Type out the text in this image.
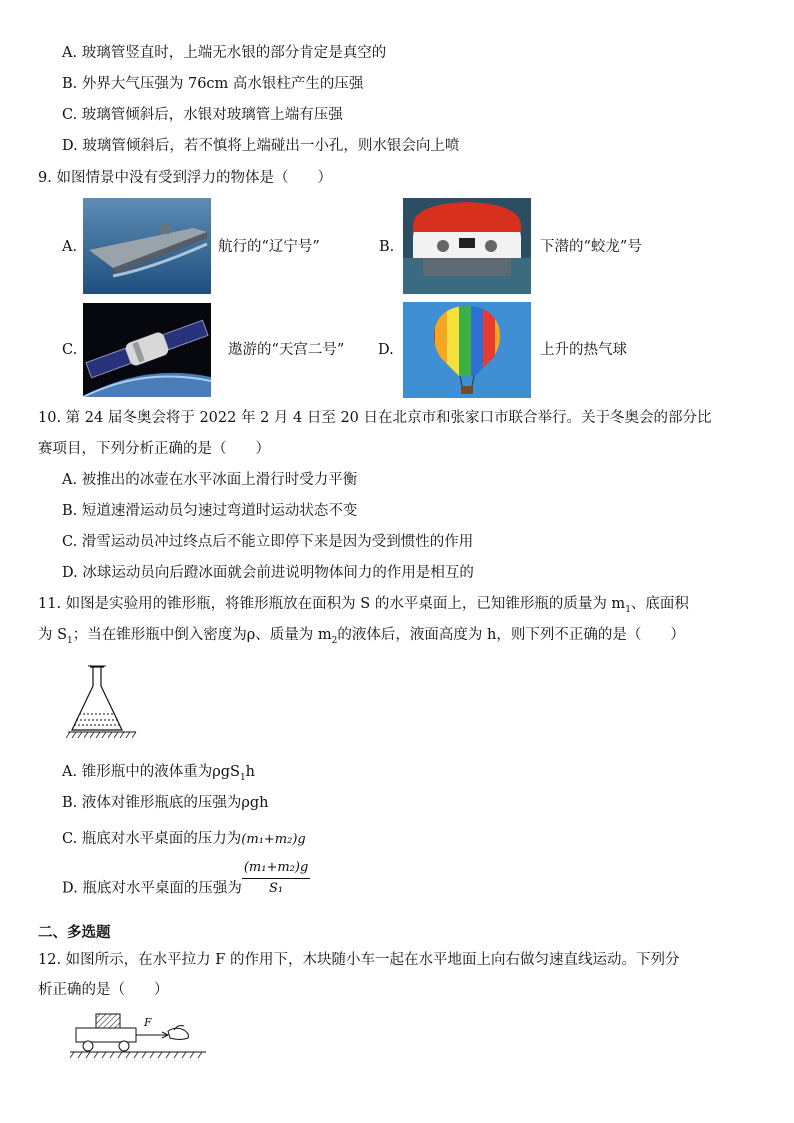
A. 玻璃管竖直时，上端无水银的部分肯定是真空的
B. 外界大气压强为 76cm 高水银柱产生的压强
C. 玻璃管倾斜后，水银对玻璃管上端有压强
D. 玻璃管倾斜后，若不慎将上端碰出一小孔，则水银会向上喷
9. 如图情景中没有受到浮力的物体是（　　）
A.	航行的“辽宁号”	B.	下潜的“蛟龙”号
C.	遨游的“天宫二号” D.	上升的热气球
10. 第 24 届冬奥会将于 2022 年 2 月 4 日至 20 日在北京市和张家口市联合举行。关于冬奥会的部分比
赛项目，下列分析正确的是（　　）
A. 被推出的冰壶在水平冰面上滑行时受力平衡
B. 短道速滑运动员匀速过弯道时运动状态不变
C. 滑雪运动员冲过终点后不能立即停下来是因为受到惯性的作用
D. 冰球运动员向后蹬冰面就会前进说明物体间力的作用是相互的
11. 如图是实验用的锥形瓶，将锥形瓶放在面积为 S 的水平桌面上，已知锥形瓶的质量为 $m_1$、底面积
为 $S_1$；当在锥形瓶中倒入密度为ρ、质量为 $m_2$的液体后，液面高度为 h，则下列不正确的是（　　）
A. 锥形瓶中的液体重为ρgS$_1$h
B. 液体对锥形瓶底的压强为ρgh
C. 瓶底对水平桌面的压力为(m₁+m₂)g
D. 瓶底对水平桌面的压强为 $\frac{\text{(m₁+m₂)g}}{\text{S₁}}$
二、多选题
12. 如图所示，在水平拉力 F 的作用下，木块随小车一起在水平地面上向右做匀速直线运动。下列分
析正确的是（　　）
F
